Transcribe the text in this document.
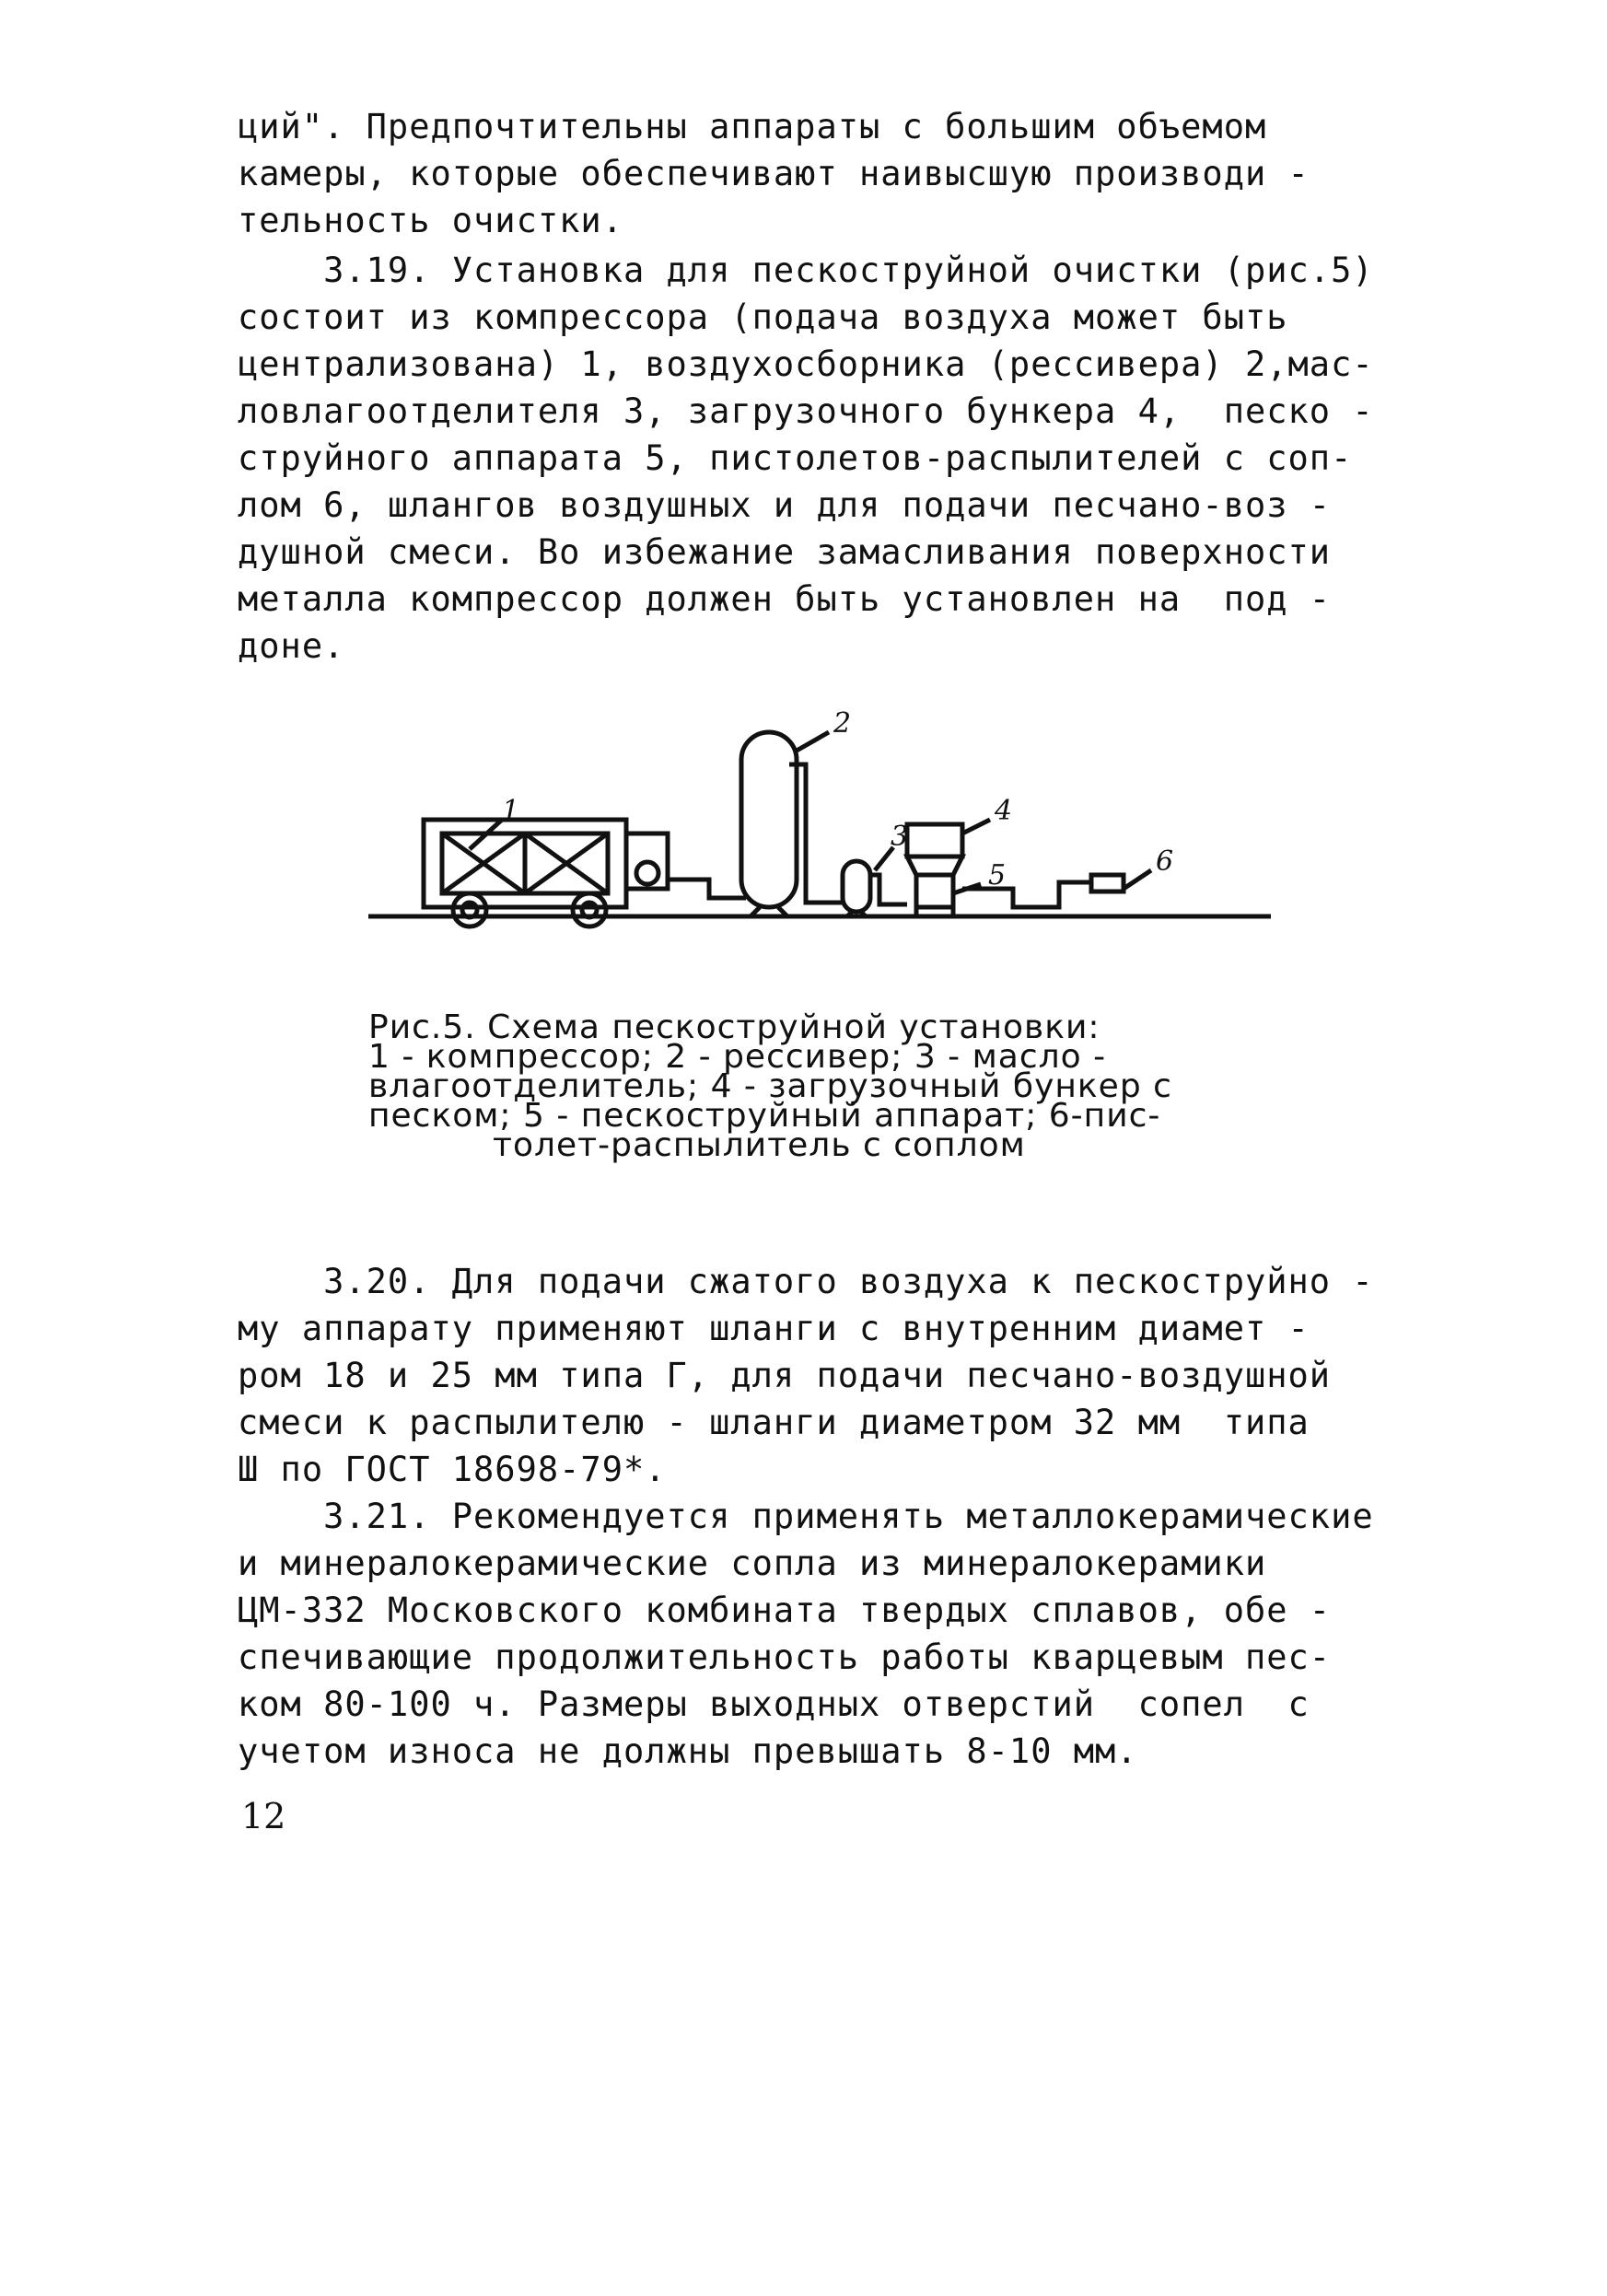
ций". Предпочтительны аппараты с большим объемом
камеры, которые обеспечивают наивысшую производи -
тельность очистки.
3.19. Установка для пескоструйной очистки (рис.5)
состоит из компрессора (подача воздуха может быть
централизована) 1, воздухосборника (рессивера) 2,мас-
ловлагоотделителя 3, загрузочного бункера 4,  песко -
струйного аппарата 5, пистолетов-распылителей с соп-
лом 6, шлангов воздушных и для подачи песчано-воз -
душной смеси. Во избежание замасливания поверхности
металла компрессор должен быть установлен на  под -
доне.
1
2
3
4
5	6
Рис.5. Схема пескоструйной установки:
1 - компрессор; 2 - рессивер; 3 - масло -
влагоотделитель; 4 - загрузочный бункер с
песком; 5 - пескоструйный аппарат; 6-пис-
толет-распылитель с соплом
3.20. Для подачи сжатого воздуха к пескоструйно -
му аппарату применяют шланги с внутренним диамет -
ром 18 и 25 мм типа Г, для подачи песчано-воздушной
смеси к распылителю - шланги диаметром 32 мм  типа
Ш по ГОСТ 18698-79*.
3.21. Рекомендуется применять металлокерамические
и минералокерамические сопла из минералокерамики
ЦМ-332 Московского комбината твердых сплавов, обе -
спечивающие продолжительность работы кварцевым пес-
ком 80-100 ч. Размеры выходных отверстий  сопел  с
учетом износа не должны превышать 8-10 мм.
12
